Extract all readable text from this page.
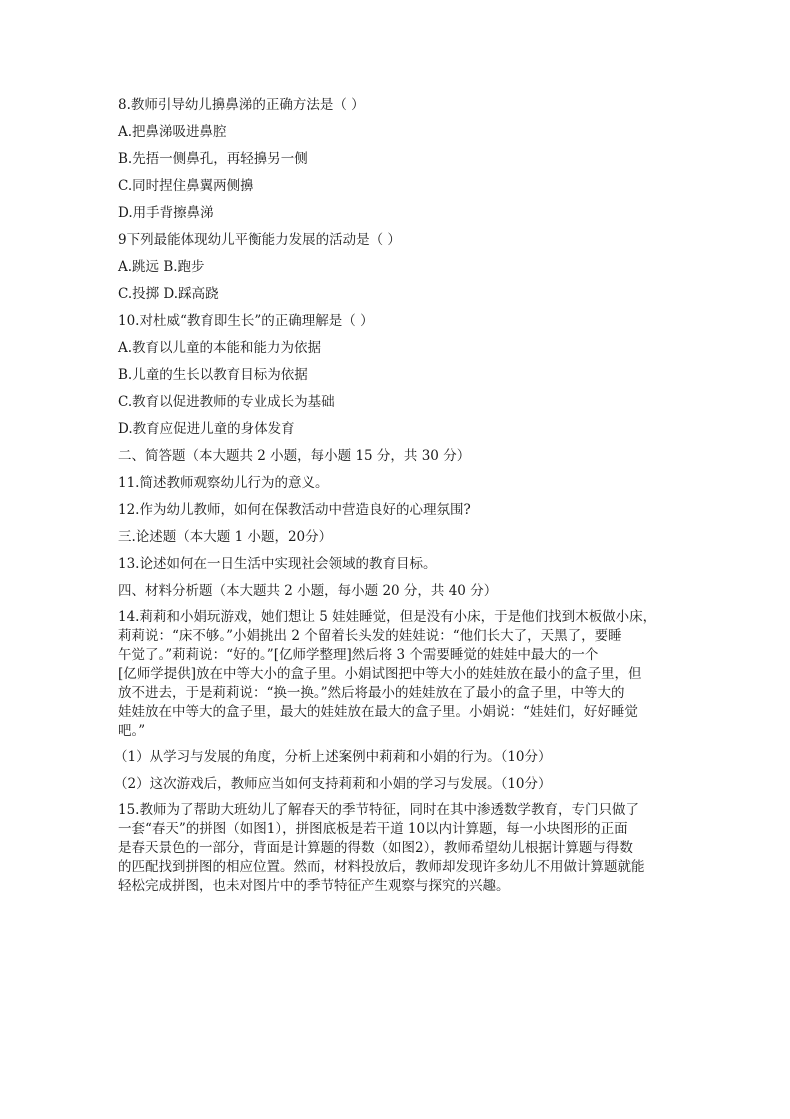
8.教师引导幼儿擤鼻涕的正确方法是（ ）

A.把鼻涕吸进鼻腔

B.先捂一侧鼻孔，再轻擤另一侧

C.同时捏住鼻翼两侧擤

D.用手背擦鼻涕

9下列最能体现幼儿平衡能力发展的活动是（ ）

A.跳远 B.跑步

C.投掷 D.踩高跷

10.对杜威“教育即生长”的正确理解是（ ）

A.教育以儿童的本能和能力为依据

B.儿童的生长以教育目标为依据

C.教育以促进教师的专业成长为基础

D.教育应促进儿童的身体发育

二、简答题（本大题共 2 小题，每小题 15 分，共 30 分）

11.简述教师观察幼儿行为的意义。

12.作为幼儿教师，如何在保教活动中营造良好的心理氛围?

三.论述题（本大题 1 小题，20分）

13.论述如何在一日生活中实现社会领域的教育目标。

四、材料分析题（本大题共 2 小题，每小题 20 分，共 40 分）

14.莉莉和小娟玩游戏，她们想让 5 娃娃睡觉，但是没有小床，于是他们找到木板做小床，
莉莉说：“床不够。”小娟挑出 2 个留着长头发的娃娃说：“他们长大了，天黑了，要睡
午觉了。”莉莉说：“好的。”[亿师学整理]然后将 3 个需要睡觉的娃娃中最大的一个
[亿师学提供]放在中等大小的盒子里。小娟试图把中等大小的娃娃放在最小的盒子里，但
放不进去，于是莉莉说：“换一换。”然后将最小的娃娃放在了最小的盒子里，中等大的
娃娃放在中等大的盒子里，最大的娃娃放在最大的盒子里。小娟说：“娃娃们，好好睡觉
吧。”

（1）从学习与发展的角度，分析上述案例中莉莉和小娟的行为。（10分）

（2）这次游戏后，教师应当如何支持莉莉和小娟的学习与发展。（10分）

15.教师为了帮助大班幼儿了解春天的季节特征，同时在其中渗透数学教育，专门只做了
一套“春天”的拼图（如图1），拼图底板是若干道 10以内计算题，每一小块图形的正面
是春天景色的一部分，背面是计算题的得数（如图2），教师希望幼儿根据计算题与得数
的匹配找到拼图的相应位置。然而，材料投放后，教师却发现许多幼儿不用做计算题就能
轻松完成拼图，也未对图片中的季节特征产生观察与探究的兴趣。
